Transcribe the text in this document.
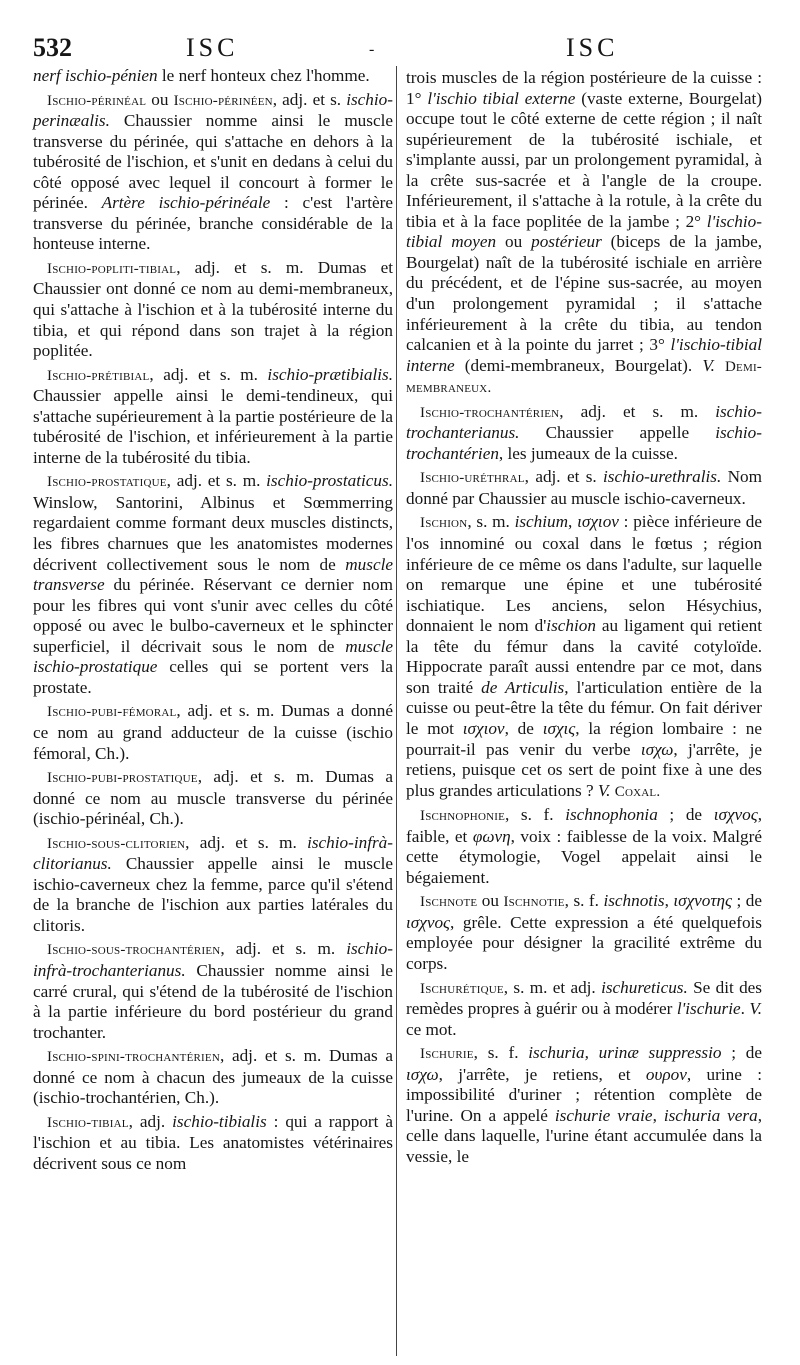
532	ISC	-	ISC

nerf ischio-pénien le nerf honteux chez l'homme.

Ischio-périnéal ou Ischio-périnéen, adj. et s. ischio-perinæalis. Chaussier nomme ainsi le muscle transverse du périnée, qui s'attache en dehors à la tubérosité de l'ischion, et s'unit en dedans à celui du côté opposé avec lequel il concourt à former le périnée. Artère ischio-périnéale : c'est l'artère transverse du périnée, branche considérable de la honteuse interne.

Ischio-popliti-tibial, adj. et s. m. Dumas et Chaussier ont donné ce nom au demi-membraneux, qui s'attache à l'ischion et à la tubérosité interne du tibia, et qui répond dans son trajet à la région poplitée.

Ischio-prétibial, adj. et s. m. ischio-prætibialis. Chaussier appelle ainsi le demi-tendineux, qui s'attache supérieurement à la partie postérieure de la tubérosité de l'ischion, et inférieurement à la partie interne de la tubérosité du tibia.

Ischio-prostatique, adj. et s. m. ischio-prostaticus. Winslow, Santorini, Albinus et Sœmmerring regardaient comme formant deux muscles distincts, les fibres charnues que les anatomistes modernes décrivent collectivement sous le nom de muscle transverse du périnée. Réservant ce dernier nom pour les fibres qui vont s'unir avec celles du côté opposé ou avec le bulbo-caverneux et le sphincter superficiel, il décrivait sous le nom de muscle ischio-prostatique celles qui se portent vers la prostate.

Ischio-pubi-fémoral, adj. et s. m. Dumas a donné ce nom au grand adducteur de la cuisse (ischio fémoral, Ch.).

Ischio-pubi-prostatique, adj. et s. m. Dumas a donné ce nom au muscle transverse du périnée (ischio-périnéal, Ch.).

Ischio-sous-clitorien, adj. et s. m. ischio-infrà-clitorianus. Chaussier appelle ainsi le muscle ischio-caverneux chez la femme, parce qu'il s'étend de la branche de l'ischion aux parties latérales du clitoris.

Ischio-sous-trochantérien, adj. et s. m. ischio-infrà-trochanterianus. Chaussier nomme ainsi le carré crural, qui s'étend de la tubérosité de l'ischion à la partie inférieure du bord postérieur du grand trochanter.

Ischio-spini-trochantérien, adj. et s. m. Dumas a donné ce nom à chacun des jumeaux de la cuisse (ischio-trochantérien, Ch.).

Ischio-tibial, adj. ischio-tibialis : qui a rapport à l'ischion et au tibia. Les anatomistes vétérinaires décrivent sous ce nom

trois muscles de la région postérieure de la cuisse : 1° l'ischio tibial externe (vaste externe, Bourgelat) occupe tout le côté externe de cette région ; il naît supérieurement de la tubérosité ischiale, et s'implante aussi, par un prolongement pyramidal, à la crête sus-sacrée et à l'angle de la croupe. Inférieurement, il s'attache à la rotule, à la crête du tibia et à la face poplitée de la jambe ; 2° l'ischio-tibial moyen ou postérieur (biceps de la jambe, Bourgelat) naît de la tubérosité ischiale en arrière du précédent, et de l'épine sus-sacrée, au moyen d'un prolongement pyramidal ; il s'attache inférieurement à la crête du tibia, au tendon calcanien et à la pointe du jarret ; 3° l'ischio-tibial interne (demi-membraneux, Bourgelat). V. Demi-membraneux.

Ischio-trochantérien, adj. et s. m. ischio-trochanterianus. Chaussier appelle ischio-trochantérien, les jumeaux de la cuisse.

Ischio-uréthral, adj. et s. ischio-urethralis. Nom donné par Chaussier au muscle ischio-caverneux.

Ischion, s. m. ischium, ισχιον : pièce inférieure de l'os innominé ou coxal dans le fœtus ; région inférieure de ce même os dans l'adulte, sur laquelle on remarque une épine et une tubérosité ischiatique. Les anciens, selon Hésychius, donnaient le nom d'ischion au ligament qui retient la tête du fémur dans la cavité cotyloïde. Hippocrate paraît aussi entendre par ce mot, dans son traité de Articulis, l'articulation entière de la cuisse ou peut-être la tête du fémur. On fait dériver le mot ισχιον, de ισχις, la région lombaire : ne pourrait-il pas venir du verbe ισχω, j'arrête, je retiens, puisque cet os sert de point fixe à une des plus grandes articulations ? V. Coxal.

Ischnophonie, s. f. ischnophonia ; de ισχνος, faible, et φωνη, voix : faiblesse de la voix. Malgré cette étymologie, Vogel appelait ainsi le bégaiement.

Ischnote ou Ischnotie, s. f. ischnotis, ισχνοτης ; de ισχνος, grêle. Cette expression a été quelquefois employée pour désigner la gracilité extrême du corps.

Ischurétique, s. m. et adj. ischureticus. Se dit des remèdes propres à guérir ou à modérer l'ischurie. V. ce mot.

Ischurie, s. f. ischuria, urinæ suppressio ; de ισχω, j'arrête, je retiens, et ουρον, urine : impossibilité d'uriner ; rétention complète de l'urine. On a appelé ischurie vraie, ischuria vera, celle dans laquelle, l'urine étant accumulée dans la vessie, le
